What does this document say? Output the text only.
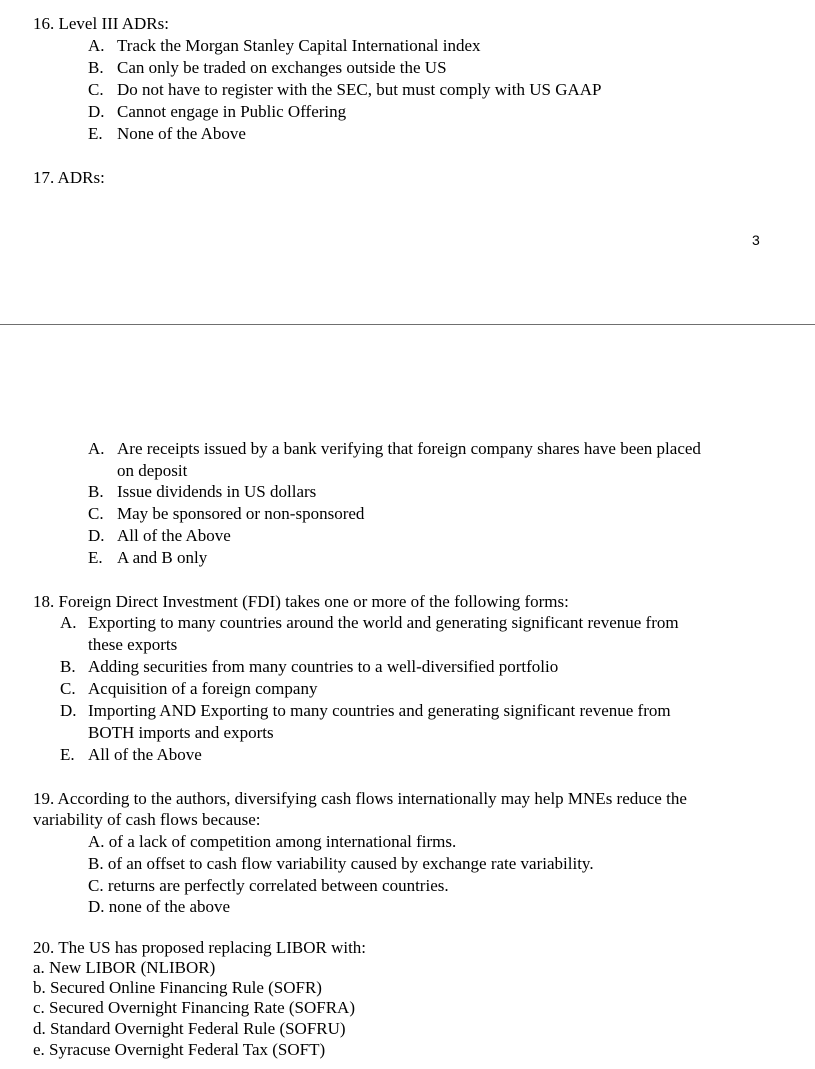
16. Level III ADRs:
A. Track the Morgan Stanley Capital International index
B. Can only be traded on exchanges outside the US
C. Do not have to register with the SEC, but must comply with US GAAP
D. Cannot engage in Public Offering
E. None of the Above
17. ADRs:
3
A. Are receipts issued by a bank verifying that foreign company shares have been placed
on deposit
B. Issue dividends in US dollars
C. May be sponsored or non-sponsored
D. All of the Above
E. A and B only
18. Foreign Direct Investment (FDI) takes one or more of the following forms:
A. Exporting to many countries around the world and generating significant revenue from
these exports
B. Adding securities from many countries to a well-diversified portfolio
C. Acquisition of a foreign company
D. Importing AND Exporting to many countries and generating significant revenue from
BOTH imports and exports
E. All of the Above
19. According to the authors, diversifying cash flows internationally may help MNEs reduce the
variability of cash flows because:
A. of a lack of competition among international firms.
B. of an offset to cash flow variability caused by exchange rate variability.
C. returns are perfectly correlated between countries.
D. none of the above
20. The US has proposed replacing LIBOR with:
a. New LIBOR (NLIBOR)
b. Secured Online Financing Rule (SOFR)
c. Secured Overnight Financing Rate (SOFRA)
d. Standard Overnight Federal Rule (SOFRU)
e. Syracuse Overnight Federal Tax (SOFT)
